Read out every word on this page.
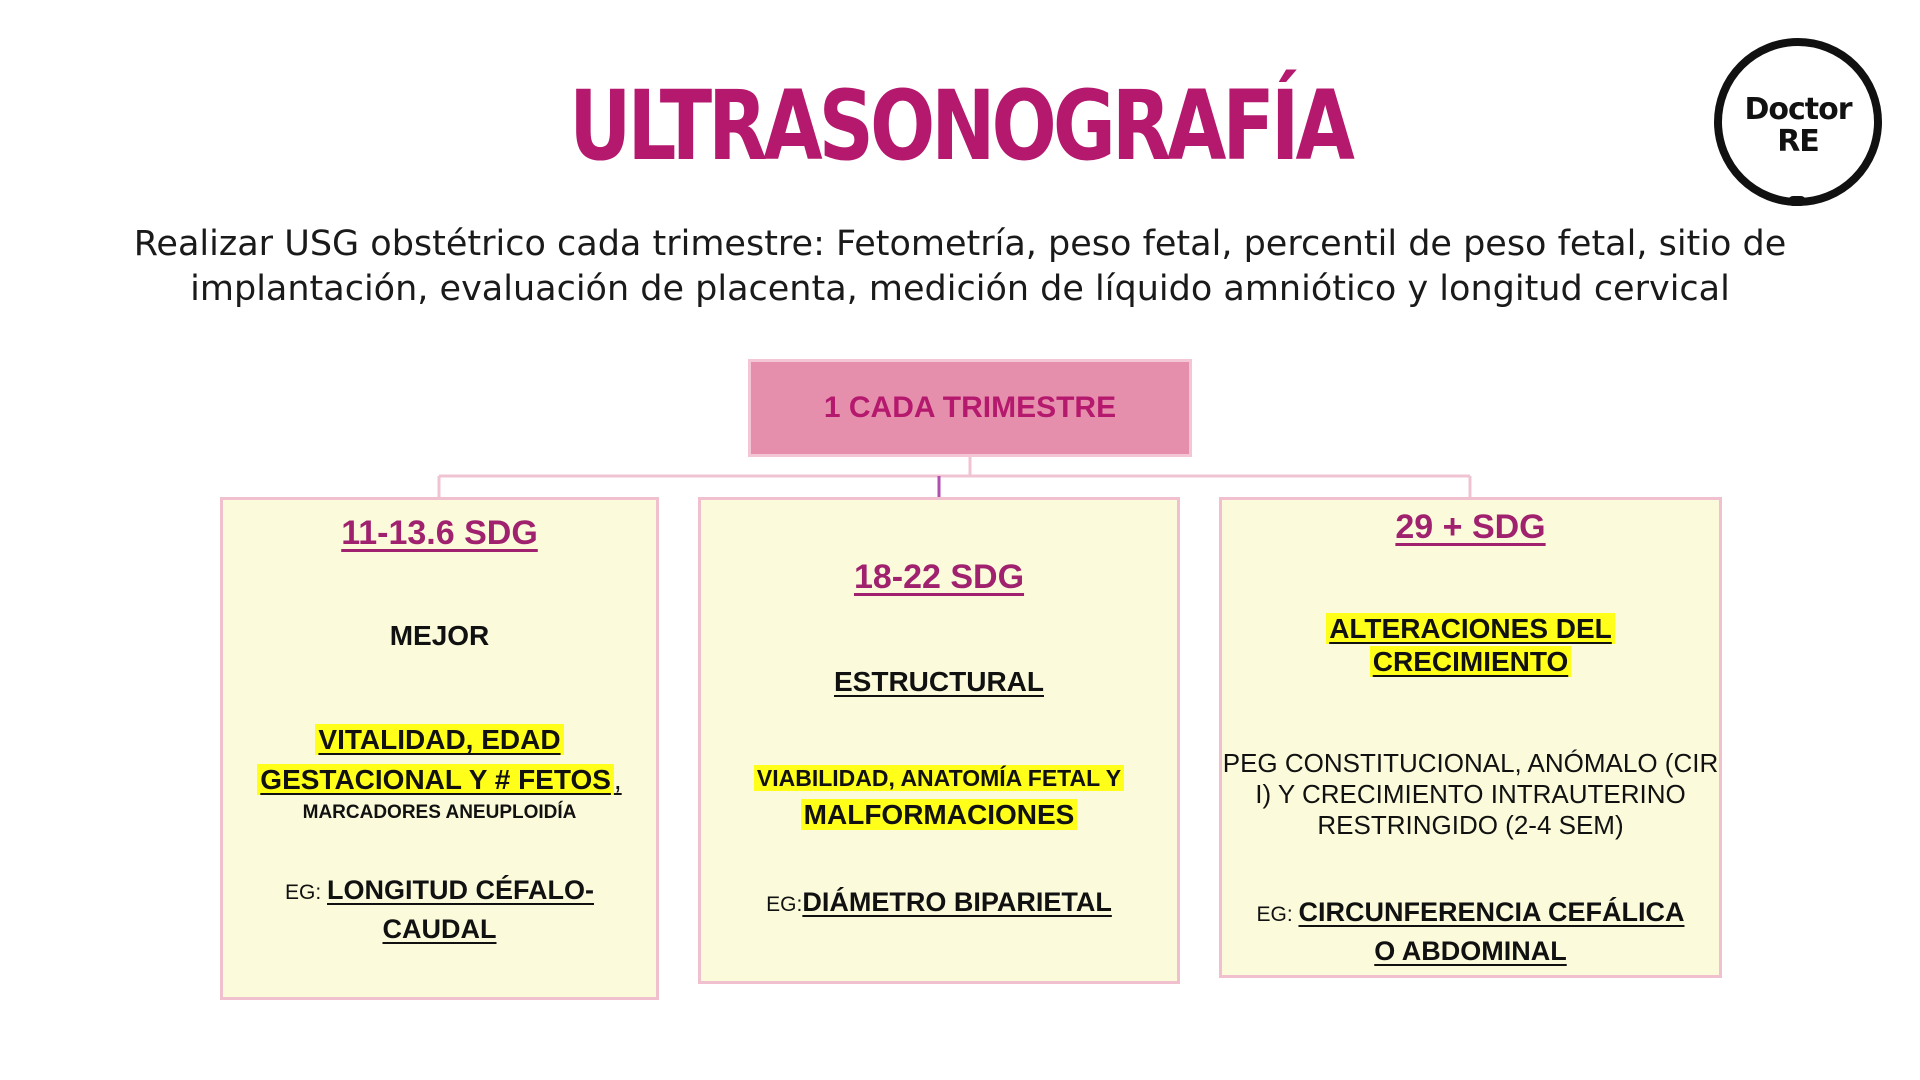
ULTRASONOGRAFÍA	Doctor
RE
Realizar USG obstétrico cada trimestre: Fetometría, peso fetal, percentil de peso fetal, sitio de
implantación, evaluación de placenta, medición de líquido amniótico y longitud cervical
1 CADA TRIMESTRE
11-13.6 SDG
MEJOR
VITALIDAD, EDAD
GESTACIONAL Y # FETOS ,
MARCADORES ANEUPLOIDÍA
EG: LONGITUD CÉFALO-
CAUDAL
18-22 SDG
ESTRUCTURAL
VIABILIDAD, ANATOMÍA FETAL Y
MALFORMACIONES
EG:DIÁMETRO BIPARIETAL
29 + SDG
ALTERACIONES DEL
CRECIMIENTO
PEG CONSTITUCIONAL, ANÓMALO (CIR
I) Y CRECIMIENTO INTRAUTERINO
RESTRINGIDO (2-4 SEM)
EG: CIRCUNFERENCIA CEFÁLICA
O ABDOMINAL
